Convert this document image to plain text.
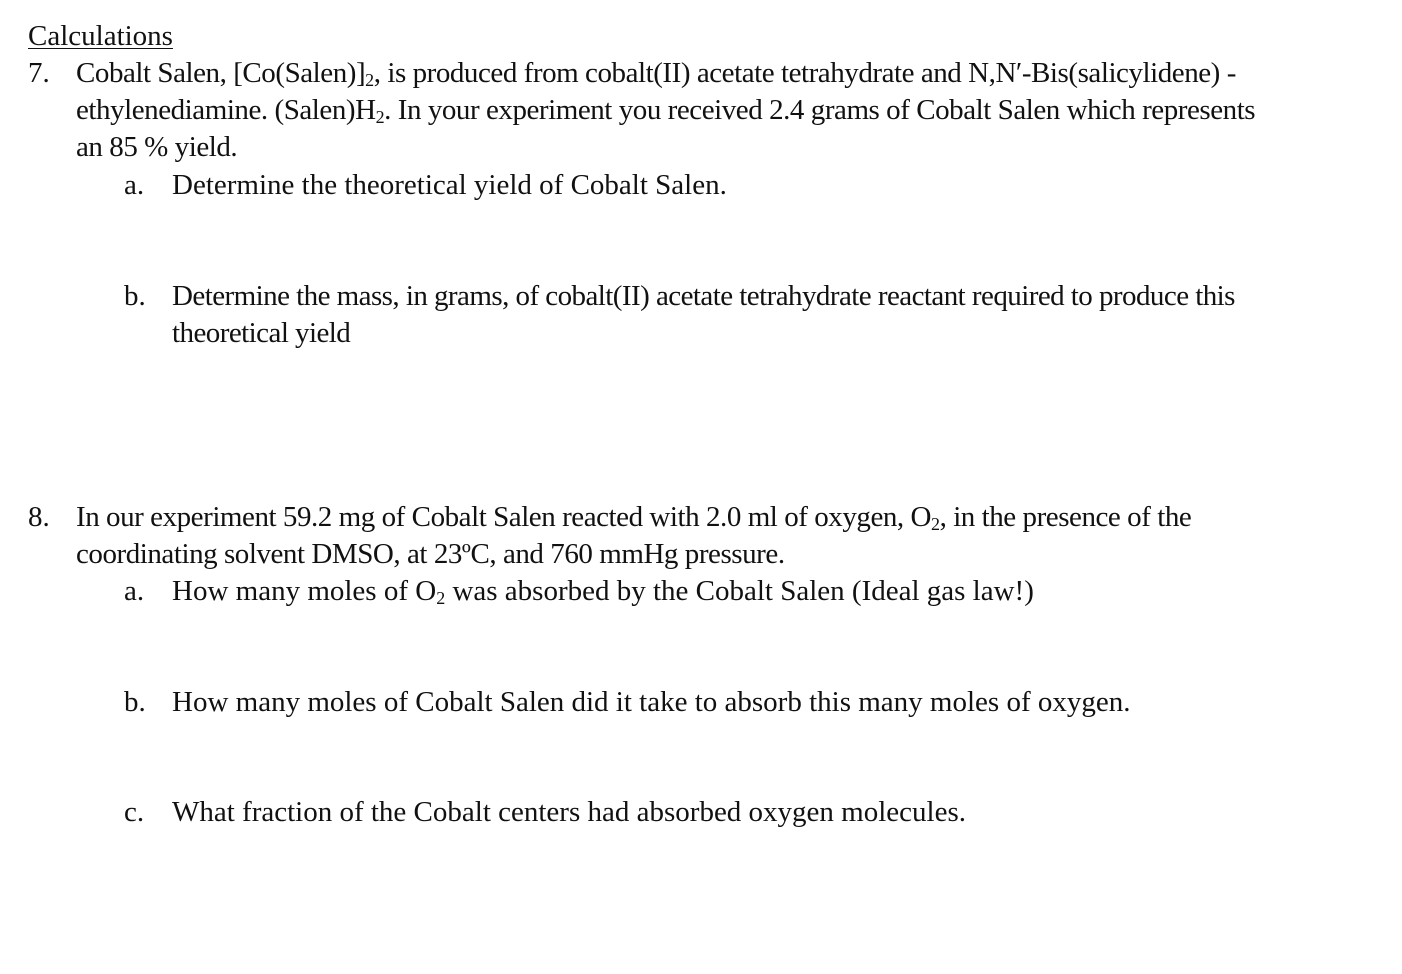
Calculations
7. Cobalt Salen, $[Co(Salen)]_2$, is produced from cobalt(II) acetate tetrahydrate and N,N′-Bis(salicylidene) -
ethylenediamine. $(Salen)H_2$. In your experiment you received 2.4 grams of Cobalt Salen which represents
an 85 % yield.
a. Determine the theoretical yield of Cobalt Salen.
b. Determine the mass, in grams, of cobalt(II) acetate tetrahydrate reactant required to produce this
theoretical yield
8. In our experiment 59.2 mg of Cobalt Salen reacted with 2.0 ml of oxygen, $O_2$, in the presence of the
coordinating solvent DMSO, at 23ºC, and 760 mmHg pressure.
a. How many moles of $O_2$ was absorbed by the Cobalt Salen (Ideal gas law!)
b. How many moles of Cobalt Salen did it take to absorb this many moles of oxygen.
c. What fraction of the Cobalt centers had absorbed oxygen molecules.
